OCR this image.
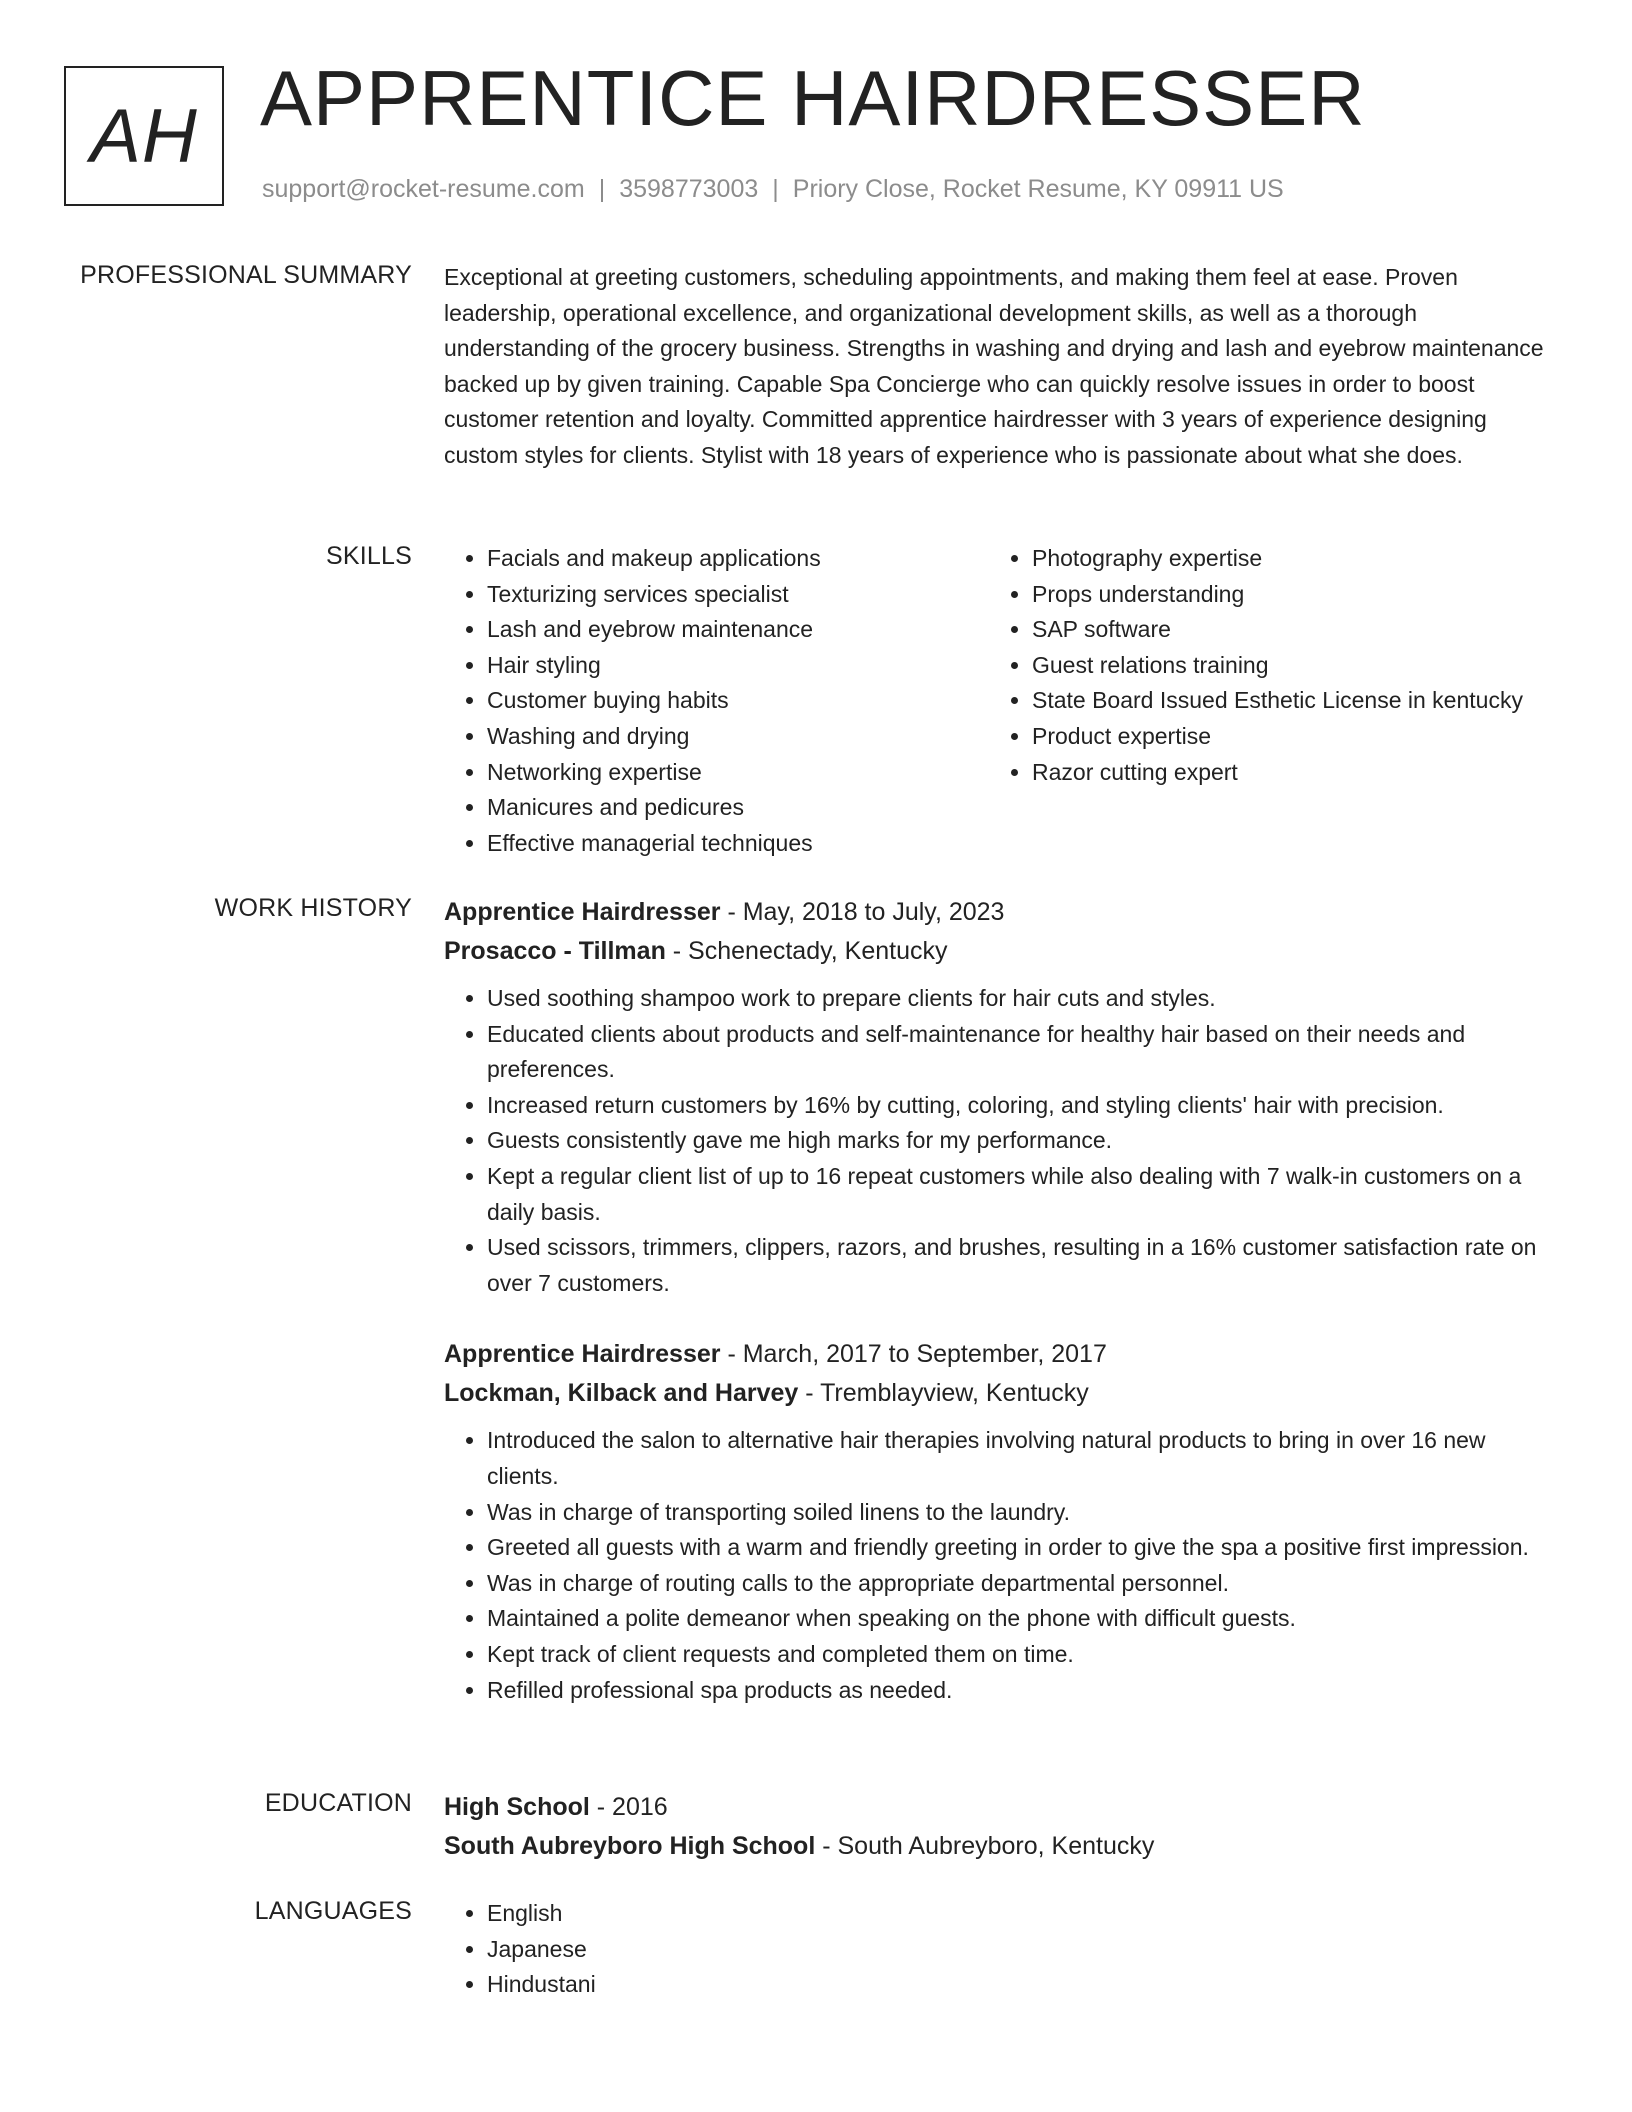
AH APPRENTICE HAIRDRESSER
support@rocket-resume.com | 3598773003 | Priory Close, Rocket Resume, KY 09911 US
PROFESSIONAL SUMMARY Exceptional at greeting customers, scheduling appointments, and making them feel at ease. Proven leadership, operational excellence, and organizational development skills, as well as a thorough understanding of the grocery business. Strengths in washing and drying and lash and eyebrow maintenance backed up by given training. Capable Spa Concierge who can quickly resolve issues in order to boost customer retention and loyalty. Committed apprentice hairdresser with 3 years of experience designing custom styles for clients. Stylist with 18 years of experience who is passionate about what she does.

SKILLS	• Facials and makeup applications
• Texturizing services specialist
• Lash and eyebrow maintenance
• Hair styling
• Customer buying habits
• Washing and drying
• Networking expertise
• Manicures and pedicures
• Effective managerial techniques
• Photography expertise
• Props understanding
• SAP software
• Guest relations training
• State Board Issued Esthetic License in kentucky
• Product expertise
• Razor cutting expert
WORK HISTORY Apprentice Hairdresser - May, 2018 to July, 2023
Prosacco - Tillman - Schenectady, Kentucky
• Used soothing shampoo work to prepare clients for hair cuts and styles.
• Educated clients about products and self-maintenance for healthy hair based on their needs and preferences.
• Increased return customers by 16% by cutting, coloring, and styling clients' hair with precision.
• Guests consistently gave me high marks for my performance.
• Kept a regular client list of up to 16 repeat customers while also dealing with 7 walk-in customers on a daily basis.
• Used scissors, trimmers, clippers, razors, and brushes, resulting in a 16% customer satisfaction rate on over 7 customers.
Apprentice Hairdresser - March, 2017 to September, 2017
Lockman, Kilback and Harvey - Tremblayview, Kentucky
• Introduced the salon to alternative hair therapies involving natural products to bring in over 16 new clients.
• Was in charge of transporting soiled linens to the laundry.
• Greeted all guests with a warm and friendly greeting in order to give the spa a positive first impression.
• Was in charge of routing calls to the appropriate departmental personnel.
• Maintained a polite demeanor when speaking on the phone with difficult guests.
• Kept track of client requests and completed them on time.
• Refilled professional spa products as needed.
EDUCATION High School - 2016
South Aubreyboro High School - South Aubreyboro, Kentucky
LANGUAGES	• English
• Japanese
• Hindustani
